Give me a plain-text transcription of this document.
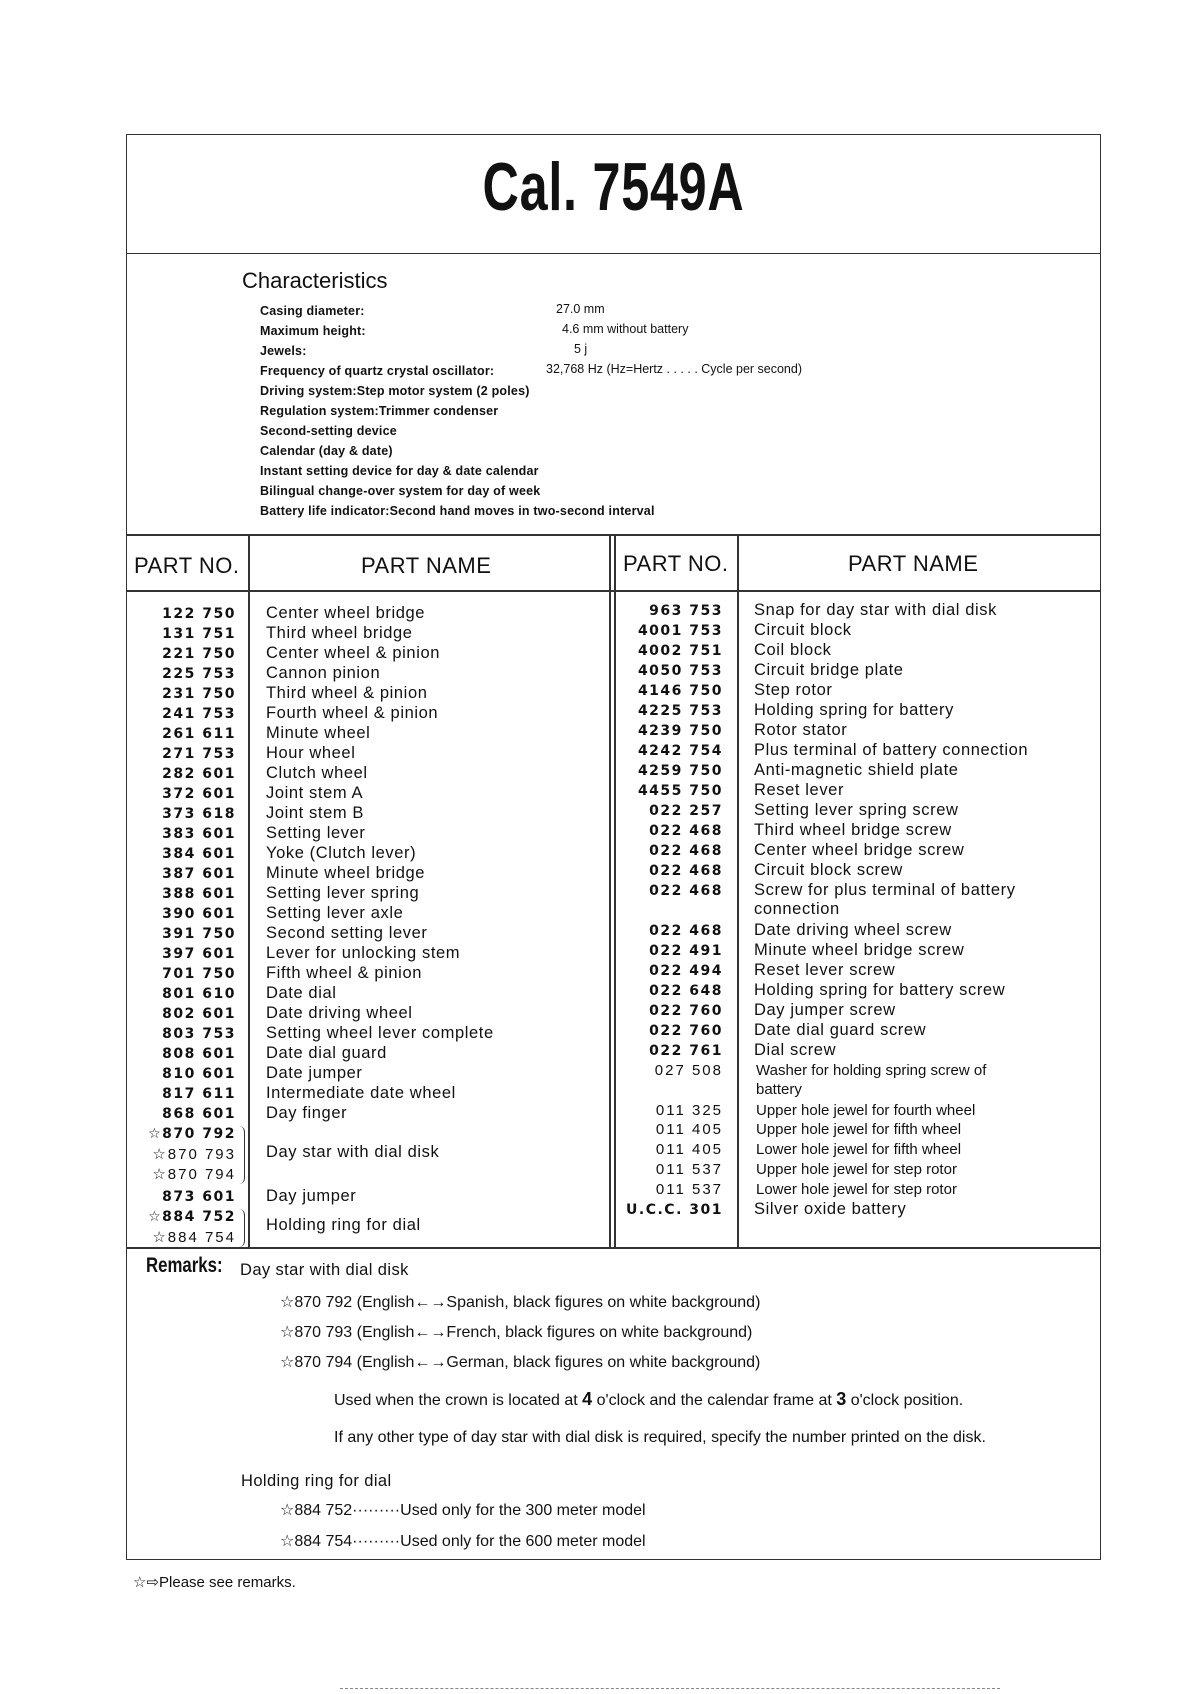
Cal. 7549A
Characteristics
Casing diameter:	27.0 mm
Maximum height:	4.6 mm without battery
Jewels:	5 j
Frequency of quartz crystal oscillator:	32,768 Hz (Hz=Hertz . . . . . Cycle per second)
Driving system:Step motor system (2 poles)
Regulation system:Trimmer condenser
Second-setting device
Calendar (day & date)
Instant setting device for day & date calendar
Bilingual change-over system for day of week
Battery life indicator:Second hand moves in two-second interval
PART NO.	PART NAME	PART NO.	PART NAME
122 750 Center wheel bridge
131 751 Third wheel bridge
221 750 Center wheel & pinion
225 753 Cannon pinion
231 750 Third wheel & pinion
241 753 Fourth wheel & pinion
261 611 Minute wheel
271 753 Hour wheel
282 601 Clutch wheel
372 601 Joint stem A
373 618 Joint stem B
383 601 Setting lever
384 601 Yoke (Clutch lever)
387 601 Minute wheel bridge
388 601 Setting lever spring
390 601 Setting lever axle
391 750 Second setting lever
397 601 Lever for unlocking stem
701 750 Fifth wheel & pinion
801 610 Date dial
802 601 Date driving wheel
803 753 Setting wheel lever complete
808 601 Date dial guard
810 601 Date jumper
817 611 Intermediate date wheel
868 601 Day finger
☆870 792
☆870 793
☆870 794
Day star with dial disk
873 601 Day jumper
☆884 752
☆884 754
Holding ring for dial
963 753 Snap for day star with dial disk
4001 753 Circuit block
4002 751 Coil block
4050 753 Circuit bridge plate
4146 750 Step rotor
4225 753 Holding spring for battery
4239 750 Rotor stator
4242 754 Plus terminal of battery connection
4259 750 Anti-magnetic shield plate
4455 750 Reset lever
022 257 Setting lever spring screw
022 468 Third wheel bridge screw
022 468 Center wheel bridge screw
022 468 Circuit block screw
022 468 Screw for plus terminal of battery
connection
022 468 Date driving wheel screw
022 491 Minute wheel bridge screw
022 494 Reset lever screw
022 648 Holding spring for battery screw
022 760 Day jumper screw
022 760 Date dial guard screw
022 761 Dial screw
027 508 Washer for holding spring screw of
battery
011 325 Upper hole jewel for fourth wheel
011 405 Upper hole jewel for fifth wheel
011 405 Lower hole jewel for fifth wheel
011 537 Upper hole jewel for step rotor
011 537 Lower hole jewel for step rotor
U.C.C. 301 Silver oxide battery
Remarks: Day star with dial disk
☆870 792 (English←→Spanish, black figures on white background)
☆870 793 (English←→French, black figures on white background)
☆870 794 (English←→German, black figures on white background)
Used when the crown is located at 4 o'clock and the calendar frame at 3 o'clock position.
If any other type of day star with dial disk is required, specify the number printed on the disk.
Holding ring for dial
☆884 752·········Used only for the 300 meter model
☆884 754·········Used only for the 600 meter model
☆⇨Please see remarks.
